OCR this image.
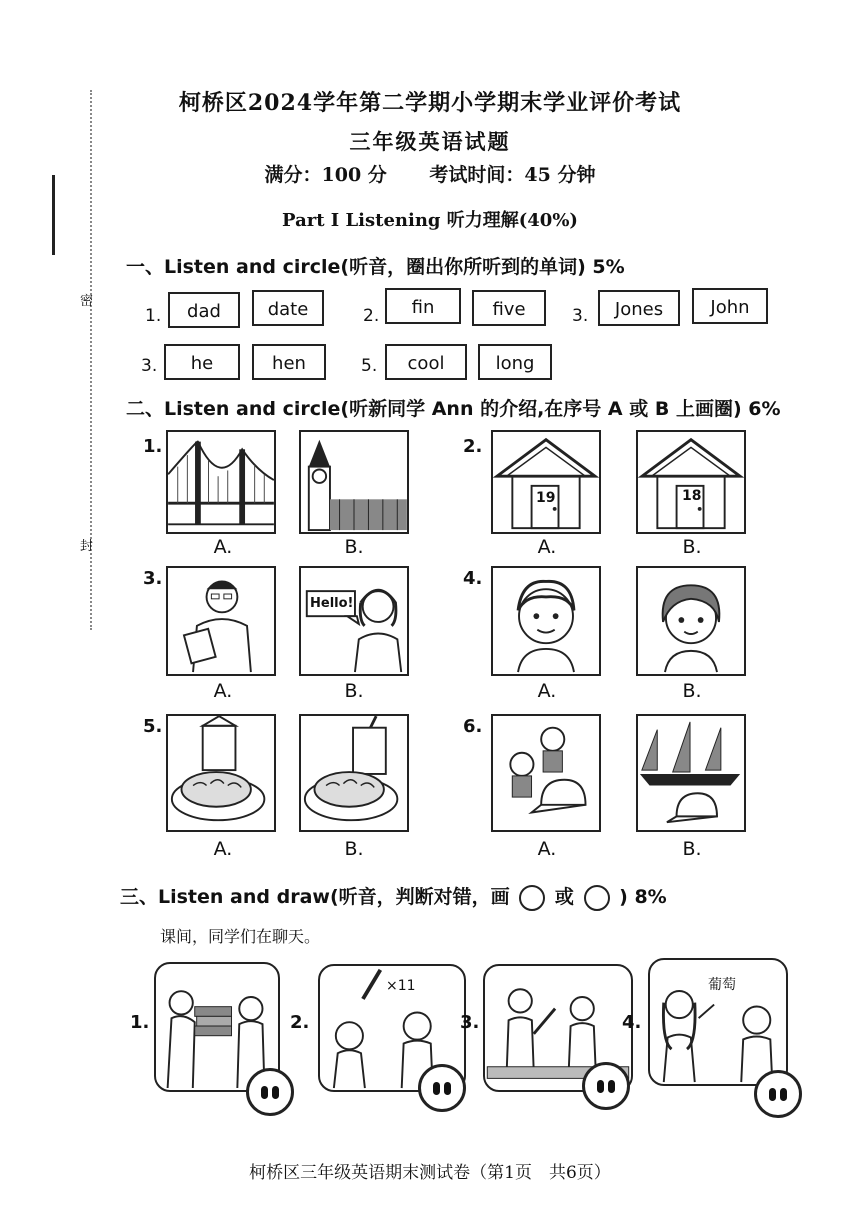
密
封
柯桥区2024学年第二学期小学期末学业评价考试
三年级英语试题
满分：100 分 考试时间：45 分钟
Part I Listening 听力理解(40%)
一、Listen and circle(听音，圈出你所听到的单词) 5%
1.	dad	date	2.	fin	five	3.	Jones	John
3.	he	hen	5.	cool	long
二、Listen and circle(听新同学 Ann 的介绍,在序号 A 或 B 上画圈) 6%
1.
A.	B.
2.
19
A.
18
B.
3.
A.
Hello!
B.
4.
A.	B.
5.
A.	B.
6.
A.	B.
三、Listen and draw(听音，判断对错，画 或 ) 8%
课间，同学们在聊天。
1.	2.
×11
3.	4.
葡萄
柯桥区三年级英语期末测试卷（第1页　共6页）
